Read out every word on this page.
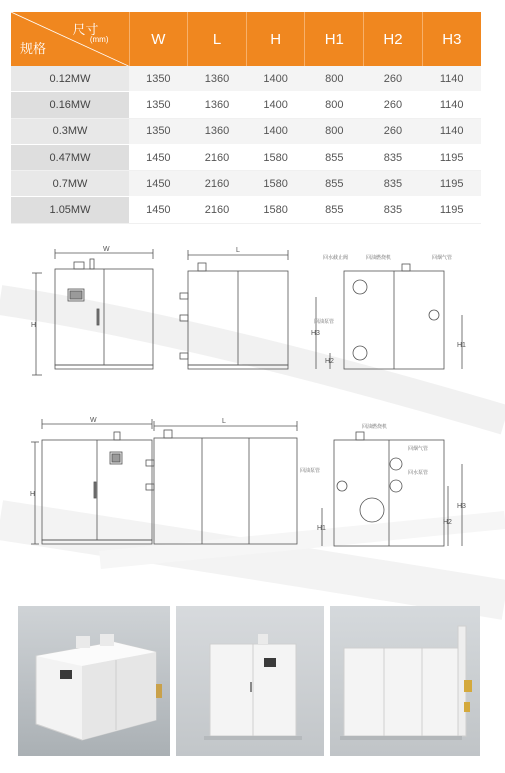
尺寸
(mm)
规格	W	L	H	H1	H2	H3
0.12MW	1350	1360	1400	800	260	1140
0.16MW	1350	1360	1400	800	260	1140
0.3MW	1350	1360	1400	800	260	1140
0.47MW	1450	2160	1580	855	835	1195
0.7MW	1450	2160	1580	855	835	1195
1.05MW	1450	2160	1580	855	835	1195
W
H
L
H3
H2
H1
回水截止阀	回油燃烧机	回烟气管
回油泵管
W
H
L
H1
H2
H3
回油燃烧机
回烟气管
回水泵管
回油泵管
